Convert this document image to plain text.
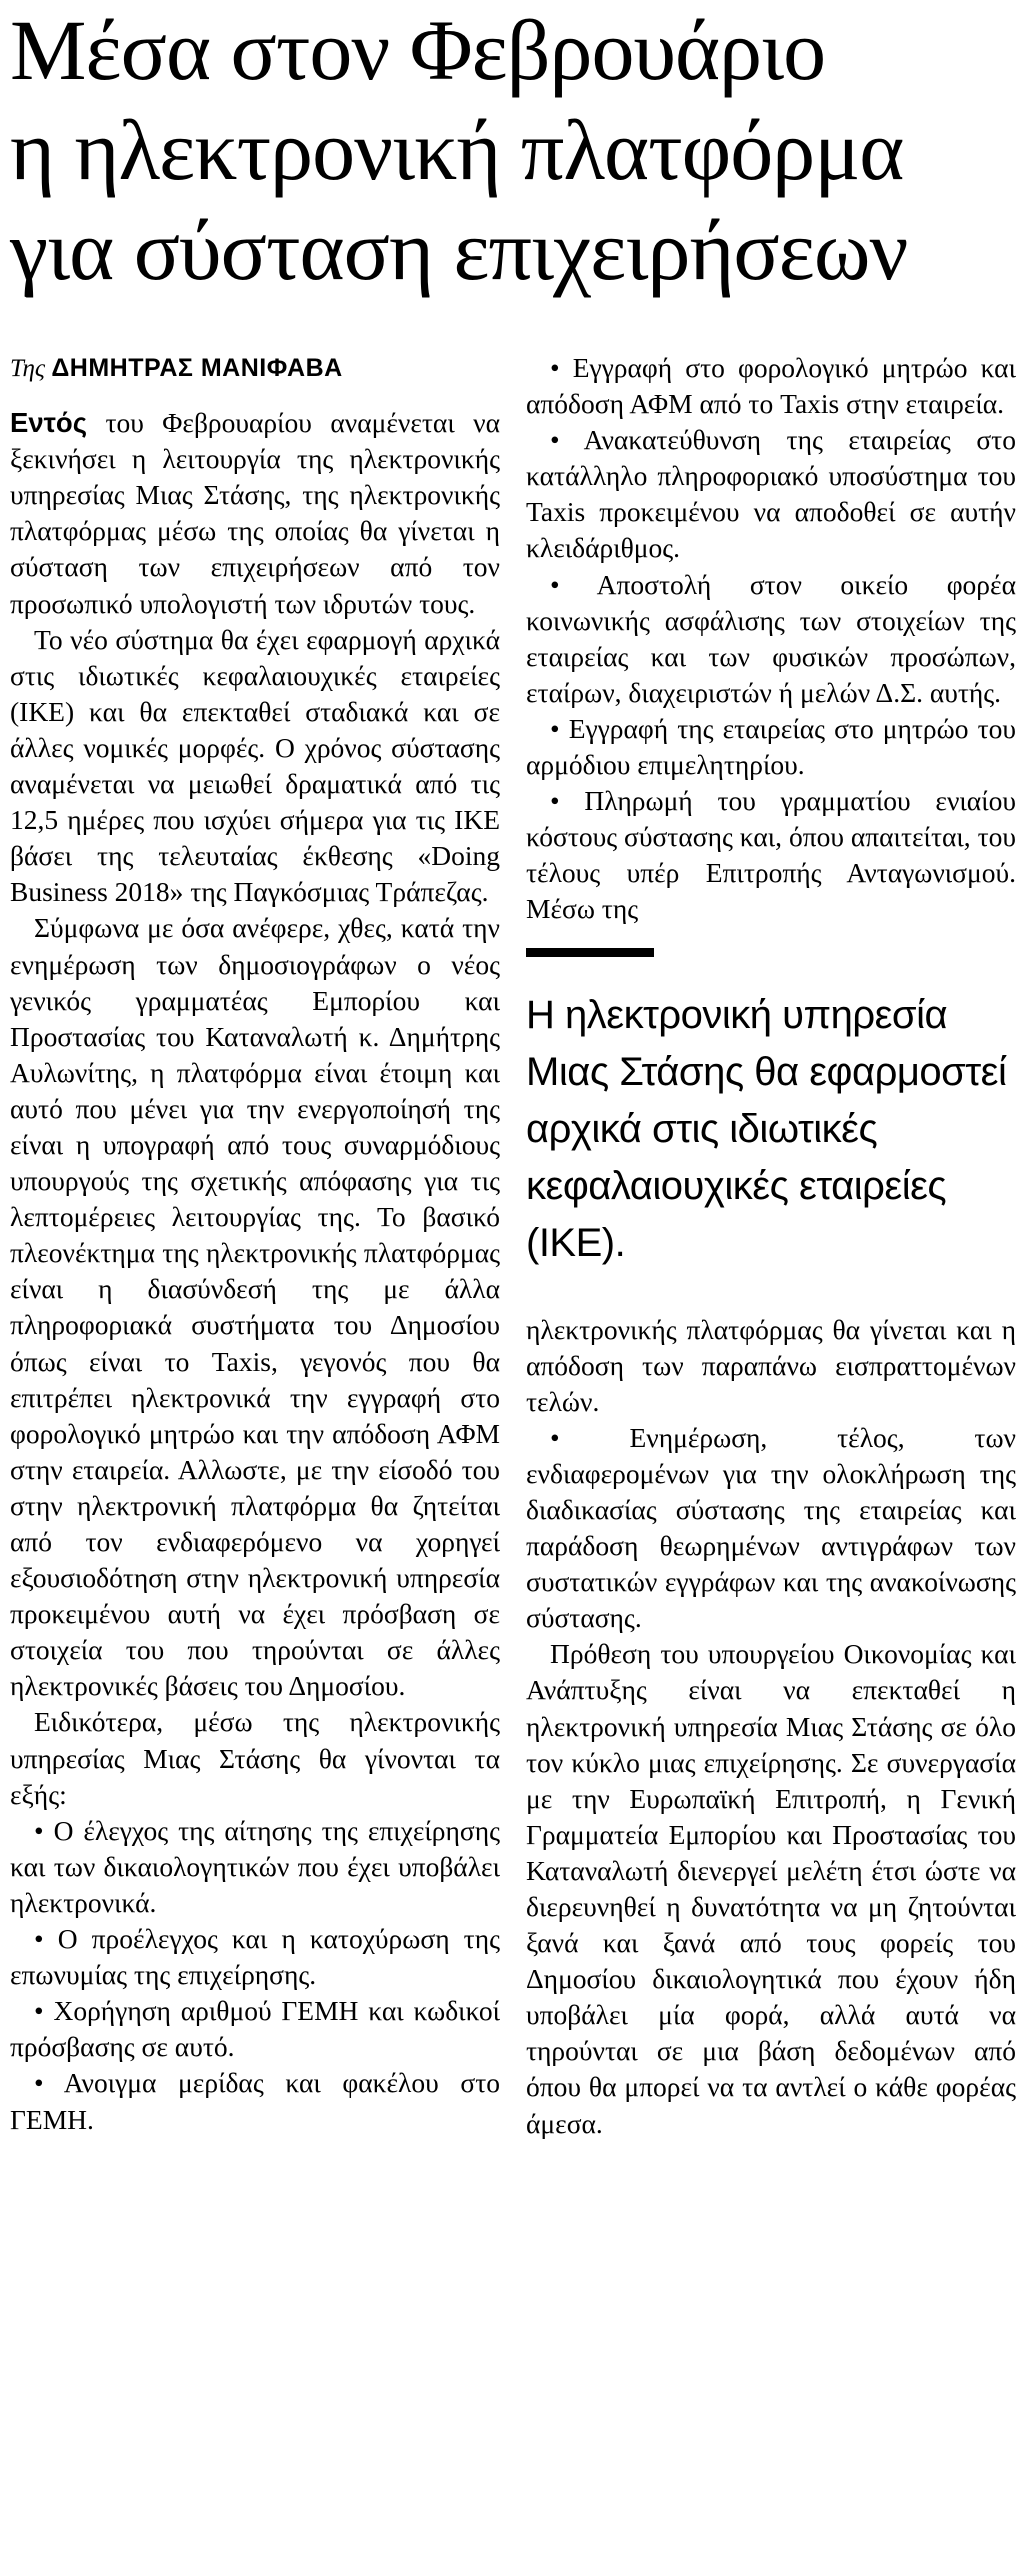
Μέσα στον Φεβρουάριο
η ηλεκτρονική πλατφόρμα
για σύσταση επιχειρήσεων
Της ΔΗΜΗΤΡΑΣ ΜΑΝΙΦΑΒΑ

Εντός του Φεβρουαρίου αναμένεται να ξεκινήσει η λειτουργία της ηλεκτρονικής υπηρεσίας Μιας Στάσης, της ηλεκτρονικής πλατφόρμας μέσω της οποίας θα γίνεται η σύσταση των επιχειρήσεων από τον προσωπικό υπολογιστή των ιδρυτών τους.

Το νέο σύστημα θα έχει εφαρμογή αρχικά στις ιδιωτικές κεφαλαιουχικές εταιρείες (ΙΚΕ) και θα επεκταθεί σταδιακά και σε άλλες νομικές μορφές. Ο χρόνος σύστασης αναμένεται να μειωθεί δραματικά από τις 12,5 ημέρες που ισχύει σήμερα για τις ΙΚΕ βάσει της τελευταίας έκθεσης «Doing Business 2018» της Παγκόσμιας Τράπεζας.

Σύμφωνα με όσα ανέφερε, χθες, κατά την ενημέρωση των δημοσιογράφων ο νέος γενικός γραμματέας Εμπορίου και Προστασίας του Καταναλωτή κ. Δημήτρης Αυλωνίτης, η πλατφόρμα είναι έτοιμη και αυτό που μένει για την ενεργοποίησή της είναι η υπογραφή από τους συναρμόδιους υπουργούς της σχετικής απόφασης για τις λεπτομέρειες λειτουργίας της. Το βασικό πλεονέκτημα της ηλεκτρονικής πλατφόρμας είναι η διασύνδεσή της με άλλα πληροφοριακά συστήματα του Δημοσίου όπως είναι το Taxis, γεγονός που θα επιτρέπει ηλεκτρονικά την εγγραφή στο φορολογικό μητρώο και την απόδοση ΑΦΜ στην εταιρεία. Αλλωστε, με την είσοδό του στην ηλεκτρονική πλατφόρμα θα ζητείται από τον ενδιαφερόμενο να χορηγεί εξουσιοδότηση στην ηλεκτρονική υπηρεσία προκειμένου αυτή να έχει πρόσβαση σε στοιχεία του που τηρούνται σε άλλες ηλεκτρονικές βάσεις του Δημοσίου.

Ειδικότερα, μέσω της ηλεκτρονικής υπηρεσίας Μιας Στάσης θα γίνονται τα εξής:

• Ο έλεγχος της αίτησης της επιχείρησης και των δικαιολογητικών που έχει υποβάλει ηλεκτρονικά.

• Ο προέλεγχος και η κατοχύρωση της επωνυμίας της επιχείρησης.

• Χορήγηση αριθμού ΓΕΜΗ και κωδικοί πρόσβασης σε αυτό.

• Ανοιγμα μερίδας και φακέλου στο ΓΕΜΗ.

• Εγγραφή στο φορολογικό μητρώο και απόδοση ΑΦΜ από το Taxis στην εταιρεία.

• Ανακατεύθυνση της εταιρείας στο κατάλληλο πληροφοριακό υποσύστημα του Taxis προκειμένου να αποδοθεί σε αυτήν κλειδάριθμος.

• Αποστολή στον οικείο φορέα κοινωνικής ασφάλισης των στοιχείων της εταιρείας και των φυσικών προσώπων, εταίρων, διαχειριστών ή μελών Δ.Σ. αυτής.

• Εγγραφή της εταιρείας στο μητρώο του αρμόδιου επιμελητηρίου.

• Πληρωμή του γραμματίου ενιαίου κόστους σύστασης και, όπου απαιτείται, του τέλους υπέρ Επιτροπής Ανταγωνισμού. Μέσω της

Η ηλεκτρονική υπηρεσία Μιας Στάσης θα εφαρμοστεί αρχικά στις ιδιωτικές κεφαλαιουχικές εταιρείες (ΙΚΕ).

ηλεκτρονικής πλατφόρμας θα γίνεται και η απόδοση των παραπάνω εισπραττομένων τελών.

• Ενημέρωση, τέλος, των ενδιαφερομένων για την ολοκλήρωση της διαδικασίας σύστασης της εταιρείας και παράδοση θεωρημένων αντιγράφων των συστατικών εγγράφων και της ανακοίνωσης σύστασης.

Πρόθεση του υπουργείου Οικονομίας και Ανάπτυξης είναι να επεκταθεί η ηλεκτρονική υπηρεσία Μιας Στάσης σε όλο τον κύκλο μιας επιχείρησης. Σε συνεργασία με την Ευρωπαϊκή Επιτροπή, η Γενική Γραμματεία Εμπορίου και Προστασίας του Καταναλωτή διενεργεί μελέτη έτσι ώστε να διερευνηθεί η δυνατότητα να μη ζητούνται ξανά και ξανά από τους φορείς του Δημοσίου δικαιολογητικά που έχουν ήδη υποβάλει μία φορά, αλλά αυτά να τηρούνται σε μια βάση δεδομένων από όπου θα μπορεί να τα αντλεί ο κάθε φορέας άμεσα.
